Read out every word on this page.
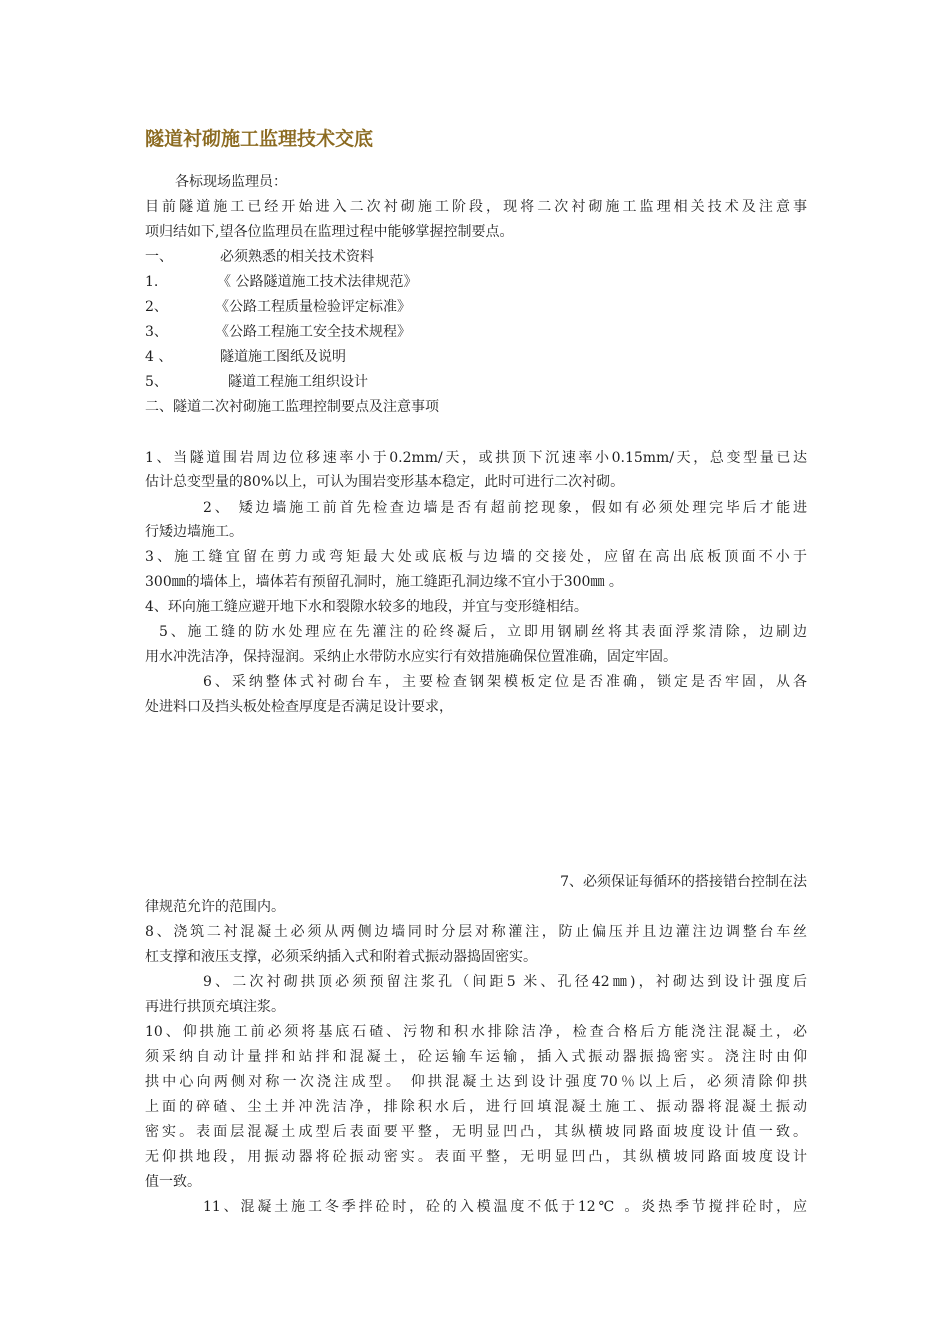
隧道衬砌施工监理技术交底
各标现场监理员：
目前隧道施工已经开始进入二次衬砌施工阶段，现将二次衬砌施工监理相关技术及注意事
项归结如下,望各位监理员在监理过程中能够掌握控制要点。
一、	必须熟悉的相关技术资料
1.	《 公路隧道施工技术法律规范》
2、	《公路工程质量检验评定标准》
3、	《公路工程施工安全技术规程》
4 、	隧道施工图纸及说明
5、	隧道工程施工组织设计
二、隧道二次衬砌施工监理控制要点及注意事项
1、当隧道围岩周边位移速率小于0.2mm/天，或拱顶下沉速率小0.15mm/天，总变型量已达
估计总变型量的80%以上，可认为围岩变形基本稳定，此时可进行二次衬砌。
2、 矮边墙施工前首先检查边墙是否有超前挖现象，假如有必须处理完毕后才能进
行矮边墙施工。
3、施工缝宜留在剪力或弯矩最大处或底板与边墙的交接处，应留在高出底板顶面不小于
300㎜的墙体上，墙体若有预留孔洞时，施工缝距孔洞边缘不宜小于300㎜ 。
4、环向施工缝应避开地下水和裂隙水较多的地段，并宜与变形缝相结。
5、施工缝的防水处理应在先灌注的砼终凝后，立即用钢刷丝将其表面浮浆清除，边刷边
用水冲洗洁净，保持湿润。采纳止水带防水应实行有效措施确保位置准确，固定牢固。
6、采纳整体式衬砌台车，主要检查钢架模板定位是否准确，锁定是否牢固，从各
处进料口及挡头板处检查厚度是否满足设计要求，
7、必须保证每循环的搭接错台控制在法
律规范允许的范围内。
8、浇筑二衬混凝土必须从两侧边墙同时分层对称灌注，防止偏压并且边灌注边调整台车丝
杠支撑和液压支撑，必须采纳插入式和附着式振动器捣固密实。
9、二次衬砌拱顶必须预留注浆孔（间距5 米、孔径42㎜)，衬砌达到设计强度后
再进行拱顶充填注浆。
10、仰拱施工前必须将基底石碴、污物和积水排除洁净，检查合格后方能浇注混凝土，必
须采纳自动计量拌和站拌和混凝土，砼运输车运输，插入式振动器振捣密实。浇注时由仰
拱中心向两侧对称一次浇注成型。 仰拱混凝土达到设计强度70％以上后，必须清除仰拱
上面的碎碴、尘土并冲洗洁净，排除积水后，进行回填混凝土施工、振动器将混凝土振动
密实。表面层混凝土成型后表面要平整，无明显凹凸，其纵横坡同路面坡度设计值一致。
无仰拱地段，用振动器将砼振动密实。表面平整，无明显凹凸，其纵横坡同路面坡度设计
值一致。
11、混凝土施工冬季拌砼时，砼的入模温度不低于12℃ 。炎热季节搅拌砼时，应
